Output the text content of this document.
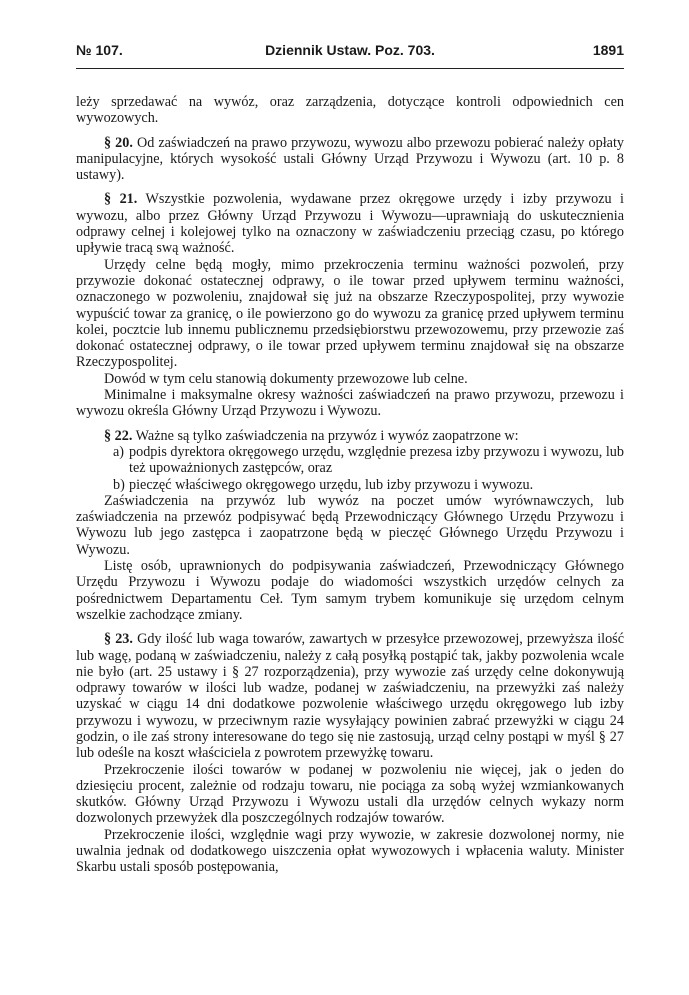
№ 107.	Dziennik Ustaw. Poz. 703.	1891

leży sprzedawać na wywóz, oraz zarządzenia, dotyczące kontroli odpowiednich cen wywozowych.

§ 20. Od zaświadczeń na prawo przywozu, wywozu albo przewozu pobierać należy opłaty manipulacyjne, których wysokość ustali Główny Urząd Przywozu i Wywozu (art. 10 p. 8 ustawy).

§ 21. Wszystkie pozwolenia, wydawane przez okręgowe urzędy i izby przywozu i wywozu, albo przez Główny Urząd Przywozu i Wywozu—uprawniają do uskutecznienia odprawy celnej i kolejowej tylko na oznaczony w zaświadczeniu przeciąg czasu, po którego upływie tracą swą ważność.

Urzędy celne będą mogły, mimo przekroczenia terminu ważności pozwoleń, przy przywozie dokonać ostatecznej odprawy, o ile towar przed upływem terminu ważności, oznaczonego w pozwoleniu, znajdował się już na obszarze Rzeczypospolitej, przy wywozie wypuścić towar za granicę, o ile powierzono go do wywozu za granicę przed upływem terminu kolei, pocztcie lub innemu publicznemu przedsiębiorstwu przewozowemu, przy przewozie zaś dokonać ostatecznej odprawy, o ile towar przed upływem terminu znajdował się na obszarze Rzeczypospolitej.

Dowód w tym celu stanowią dokumenty przewozowe lub celne.

Minimalne i maksymalne okresy ważności zaświadczeń na prawo przywozu, przewozu i wywozu określa Główny Urząd Przywozu i Wywozu.

§ 22. Ważne są tylko zaświadczenia na przywóz i wywóz zaopatrzone w:

a) podpis dyrektora okręgowego urzędu, względnie prezesa izby przywozu i wywozu, lub też upoważnionych zastępców, oraz
b) pieczęć właściwego okręgowego urzędu, lub izby przywozu i wywozu.

Zaświadczenia na przywóz lub wywóz na poczet umów wyrównawczych, lub zaświadczenia na przewóz podpisywać będą Przewodniczący Głównego Urzędu Przywozu i Wywozu lub jego zastępca i zaopatrzone będą w pieczęć Głównego Urzędu Przywozu i Wywozu.

Listę osób, uprawnionych do podpisywania zaświadczeń, Przewodniczący Głównego Urzędu Przywozu i Wywozu podaje do wiadomości wszystkich urzędów celnych za pośrednictwem Departamentu Ceł. Tym samym trybem komunikuje się urzędom celnym wszelkie zachodzące zmiany.

§ 23. Gdy ilość lub waga towarów, zawartych w przesyłce przewozowej, przewyższa ilość lub wagę, podaną w zaświadczeniu, należy z całą posyłką postąpić tak, jakby pozwolenia wcale nie było (art. 25 ustawy i § 27 rozporządzenia), przy wywozie zaś urzędy celne dokonywują odprawy towarów w ilości lub wadze, podanej w zaświadczeniu, na przewyżki zaś należy uzyskać w ciągu 14 dni dodatkowe pozwolenie właściwego urzędu okręgowego lub izby przywozu i wywozu, w przeciwnym razie wysyłający powinien zabrać przewyżki w ciągu 24 godzin, o ile zaś strony interesowane do tego się nie zastosują, urząd celny postąpi w myśl § 27 lub odeśle na koszt właściciela z powrotem przewyżkę towaru.

Przekroczenie ilości towarów w podanej w pozwoleniu nie więcej, jak o jeden do dziesięciu procent, zależnie od rodzaju towaru, nie pociąga za sobą wyżej wzmiankowanych skutków. Główny Urząd Przywozu i Wywozu ustali dla urzędów celnych wykazy norm dozwolonych przewyżek dla poszczególnych rodzajów towarów.

Przekroczenie ilości, względnie wagi przy wywozie, w zakresie dozwolonej normy, nie uwalnia jednak od dodatkowego uiszczenia opłat wywozowych i wpłacenia waluty. Minister Skarbu ustali sposób postępowania,
